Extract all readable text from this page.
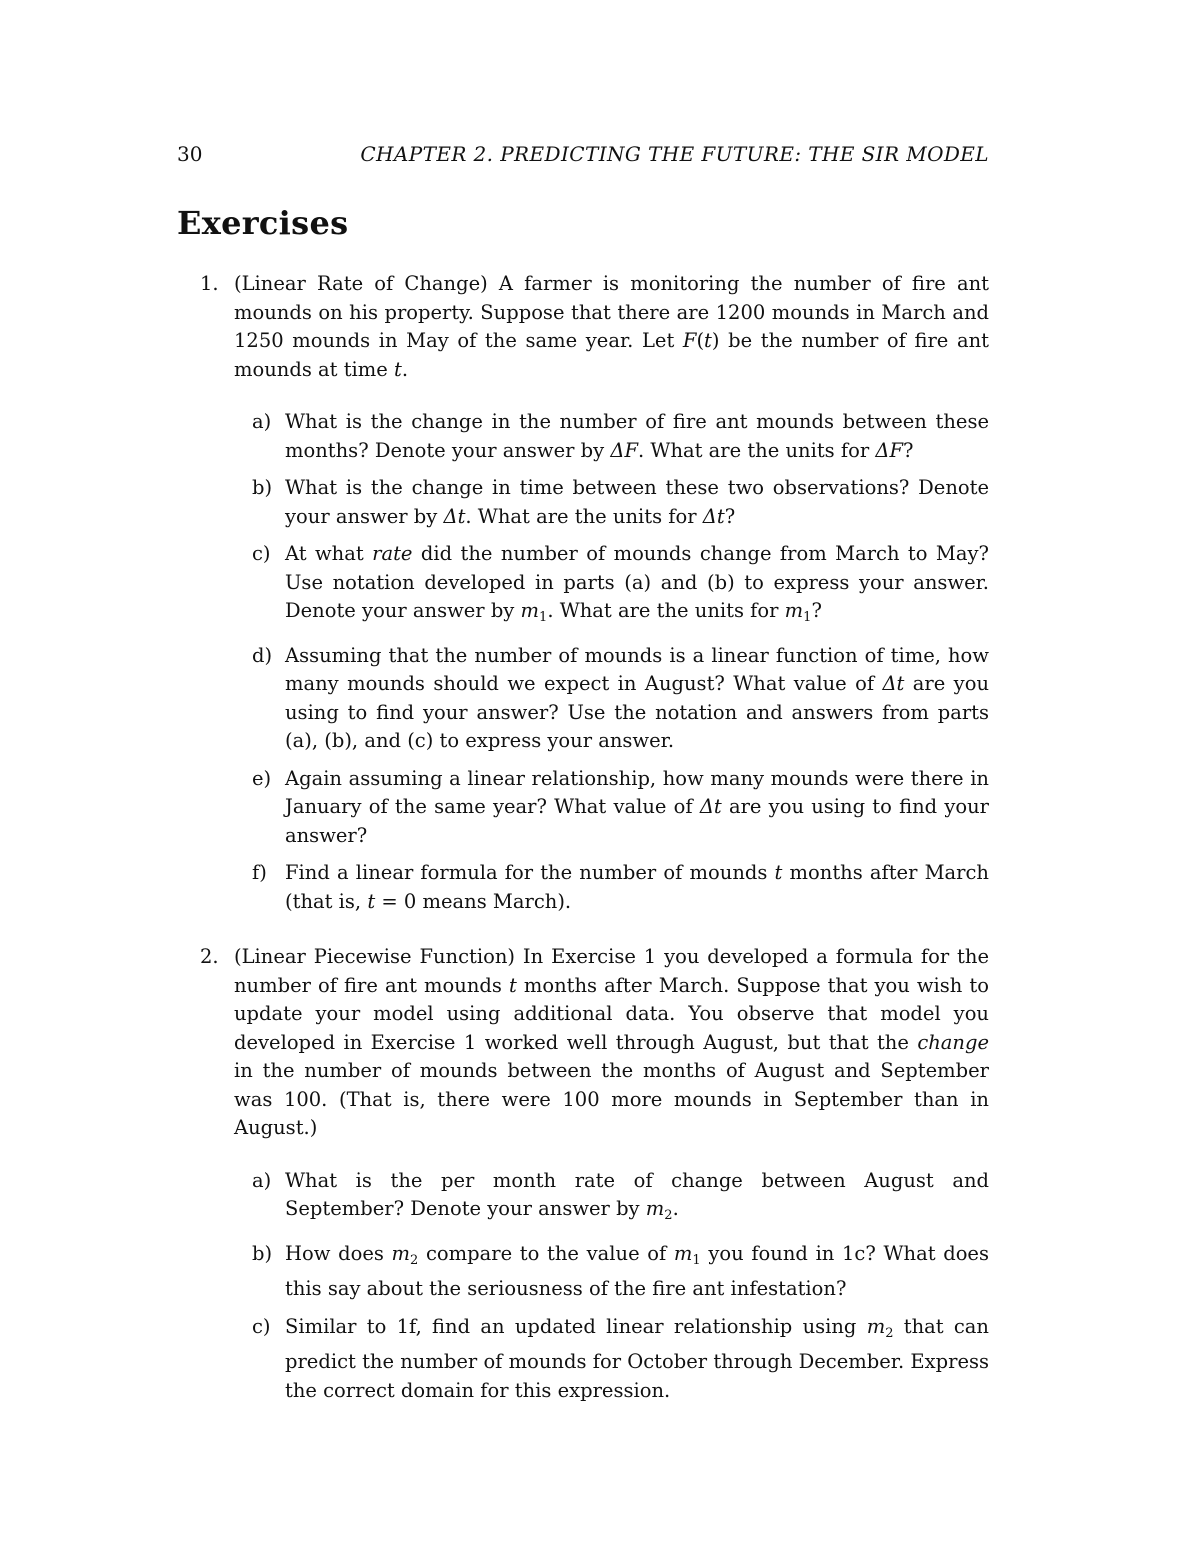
30	CHAPTER 2. PREDICTING THE FUTURE: THE SIR MODEL
Exercises
1. (Linear Rate of Change) A farmer is monitoring the number of fire ant mounds on his property. Suppose that there are 1200 mounds in March and 1250 mounds in May of the same year. Let F(t) be the number of fire ant mounds at time t.
a) What is the change in the number of fire ant mounds between these months? Denote your answer by ΔF. What are the units for ΔF?
b) What is the change in time between these two observations? Denote your answer by Δt. What are the units for Δt?
c) At what rate did the number of mounds change from March to May? Use notation developed in parts (a) and (b) to express your answer. Denote your answer by $m_1$. What are the units for $m_1$?
d) Assuming that the number of mounds is a linear function of time, how many mounds should we expect in August? What value of Δt are you using to find your answer? Use the notation and answers from parts (a), (b), and (c) to express your answer.
e) Again assuming a linear relationship, how many mounds were there in January of the same year? What value of Δt are you using to find your answer?
f) Find a linear formula for the number of mounds t months after March (that is, t = 0 means March).
2. (Linear Piecewise Function) In Exercise 1 you developed a formula for the number of fire ant mounds t months after March. Suppose that you wish to update your model using additional data. You observe that model you developed in Exercise 1 worked well through August, but that the change in the number of mounds between the months of August and September was 100. (That is, there were 100 more mounds in September than in August.)
a) What is the per month rate of change between August and September? Denote your answer by $m_2$.
b) How does $m_2$ compare to the value of $m_1$ you found in 1c? What does this say about the seriousness of the fire ant infestation?
c) Similar to 1f, find an updated linear relationship using $m_2$ that can predict the number of mounds for October through December. Express the correct domain for this expression.
